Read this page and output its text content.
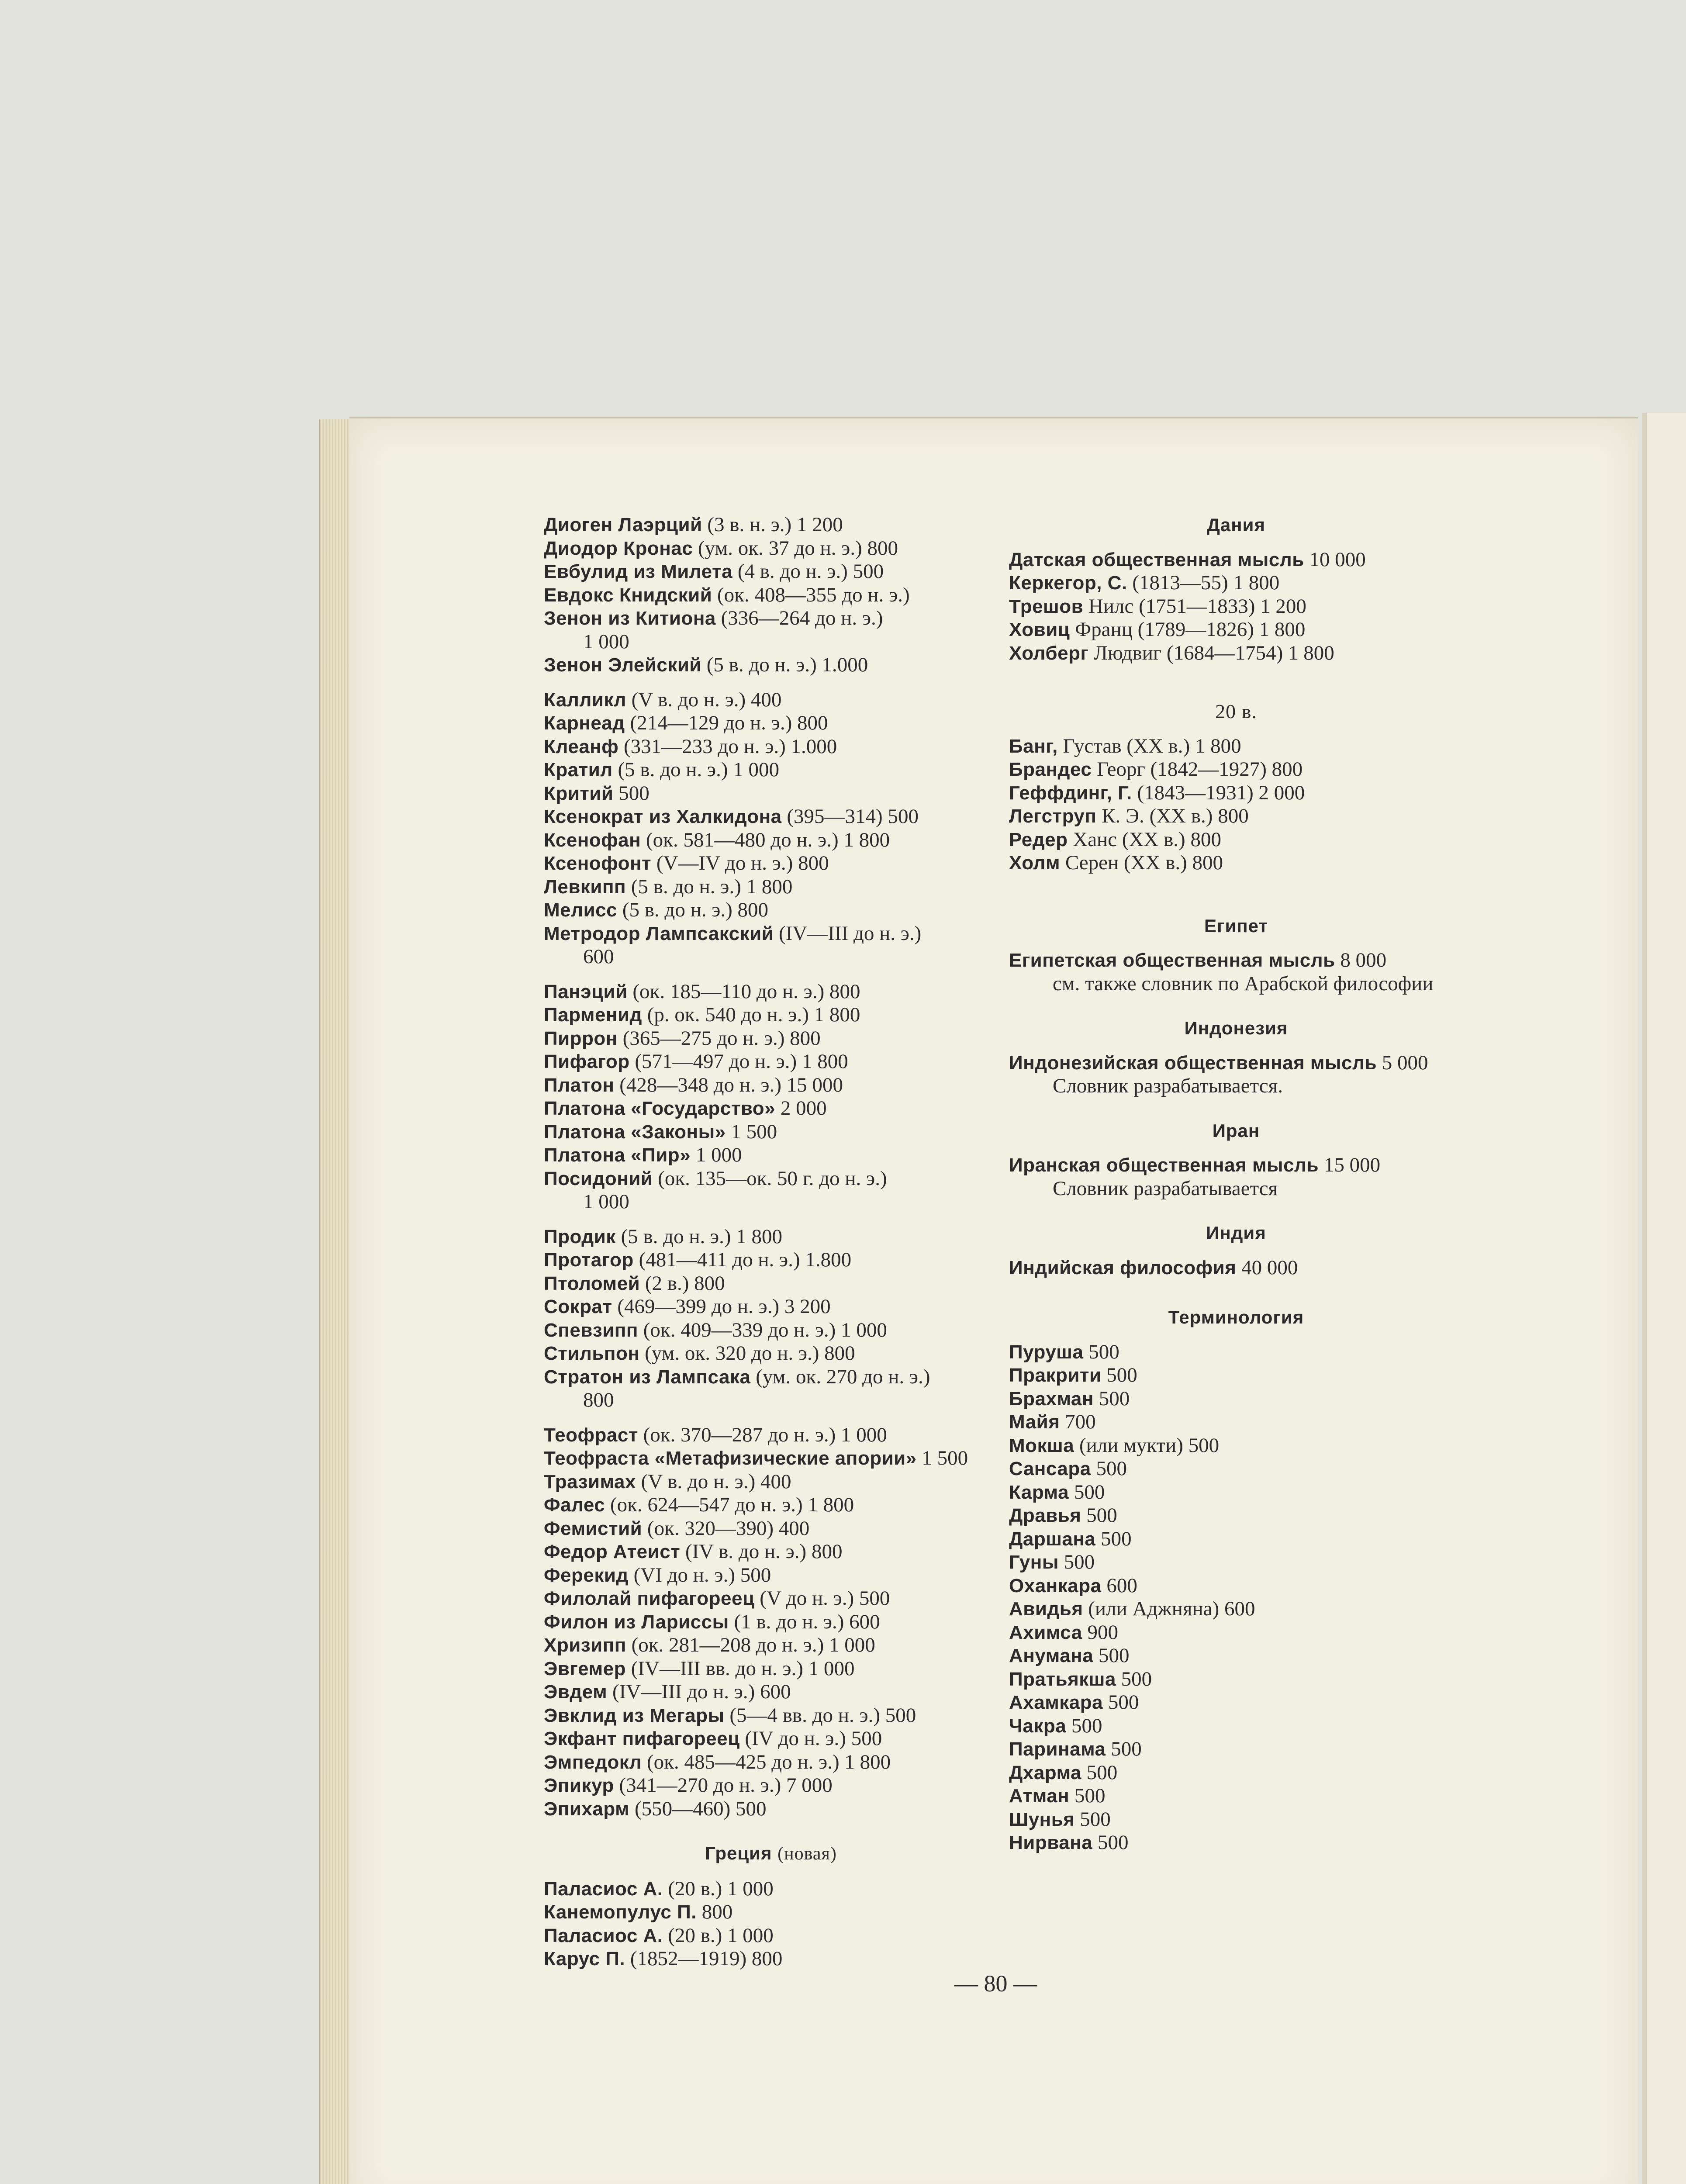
Диоген Лаэрций (3 в. н. э.) 1 200
Диодор Кронас (ум. ок. 37 до н. э.) 800
Евбулид из Милета (4 в. до н. э.) 500
Евдокс Книдский (ок. 408—355 до н. э.)
Зенон из Китиона (336—264 до н. э.)
1 000
Зенон Элейский (5 в. до н. э.) 1.000
Калликл (V в. до н. э.) 400
Карнеад (214—129 до н. э.) 800
Клеанф (331—233 до н. э.) 1.000
Кратил (5 в. до н. э.) 1 000
Критий 500
Ксенократ из Халкидона (395—314) 500
Ксенофан (ок. 581—480 до н. э.) 1 800
Ксенофонт (V—IV до н. э.) 800
Левкипп (5 в. до н. э.) 1 800
Мелисс (5 в. до н. э.) 800
Метродор Лампсакский (IV—III до н. э.)
600
Панэций (ок. 185—110 до н. э.) 800
Парменид (р. ок. 540 до н. э.) 1 800
Пиррон (365—275 до н. э.) 800
Пифагор (571—497 до н. э.) 1 800
Платон (428—348 до н. э.) 15 000
Платона «Государство» 2 000
Платона «Законы» 1 500
Платона «Пир» 1 000
Посидоний (ок. 135—ок. 50 г. до н. э.)
1 000
Продик (5 в. до н. э.) 1 800
Протагор (481—411 до н. э.) 1.800
Птоломей (2 в.) 800
Сократ (469—399 до н. э.) 3 200
Спевзипп (ок. 409—339 до н. э.) 1 000
Стильпон (ум. ок. 320 до н. э.) 800
Стратон из Лампсака (ум. ок. 270 до н. э.)
800
Теофраст (ок. 370—287 до н. э.) 1 000
Теофраста «Метафизические апории» 1 500
Тразимах (V в. до н. э.) 400
Фалес (ок. 624—547 до н. э.) 1 800
Фемистий (ок. 320—390) 400
Федор Атеист (IV в. до н. э.) 800
Ферекид (VI до н. э.) 500
Филолай пифагореец (V до н. э.) 500
Филон из Лариссы (1 в. до н. э.) 600
Хризипп (ок. 281—208 до н. э.) 1 000
Эвгемер (IV—III вв. до н. э.) 1 000
Эвдем (IV—III до н. э.) 600
Эвклид из Мегары (5—4 вв. до н. э.) 500
Экфант пифагореец (IV до н. э.) 500
Эмпедокл (ок. 485—425 до н. э.) 1 800
Эпикур (341—270 до н. э.) 7 000
Эпихарм (550—460) 500
Греция (новая)
Паласиос А. (20 в.) 1 000
Канемопулус П. 800
Паласиос А. (20 в.) 1 000
Карус П. (1852—1919) 800
Дания
Датская общественная мысль 10 000
Керкегор, С. (1813—55) 1 800
Трешов Нилс (1751—1833) 1 200
Ховиц Франц (1789—1826) 1 800
Холберг Людвиг (1684—1754) 1 800
20 в.
Банг, Густав (XX в.) 1 800
Брандес Георг (1842—1927) 800
Геффдинг, Г. (1843—1931) 2 000
Легструп К. Э. (XX в.) 800
Редер Ханс (XX в.) 800
Холм Серен (XX в.) 800
Египет
Египетская общественная мысль 8 000
см. также словник по Арабской философии
Индонезия
Индонезийская общественная мысль 5 000
Словник разрабатывается.
Иран
Иранская общественная мысль 15 000
Словник разрабатывается
Индия
Индийская философия 40 000
Терминология
Пуруша 500
Пракрити 500
Брахман 500
Майя 700
Мокша (или мукти) 500
Сансара 500
Карма 500
Дравья 500
Даршана 500
Гуны 500
Оханкара 600
Авидья (или Аджняна) 600
Ахимса 900
Анумана 500
Пратьякша 500
Ахамкара 500
Чакра 500
Паринама 500
Дхарма 500
Атман 500
Шунья 500
Нирвана 500
— 80 —
